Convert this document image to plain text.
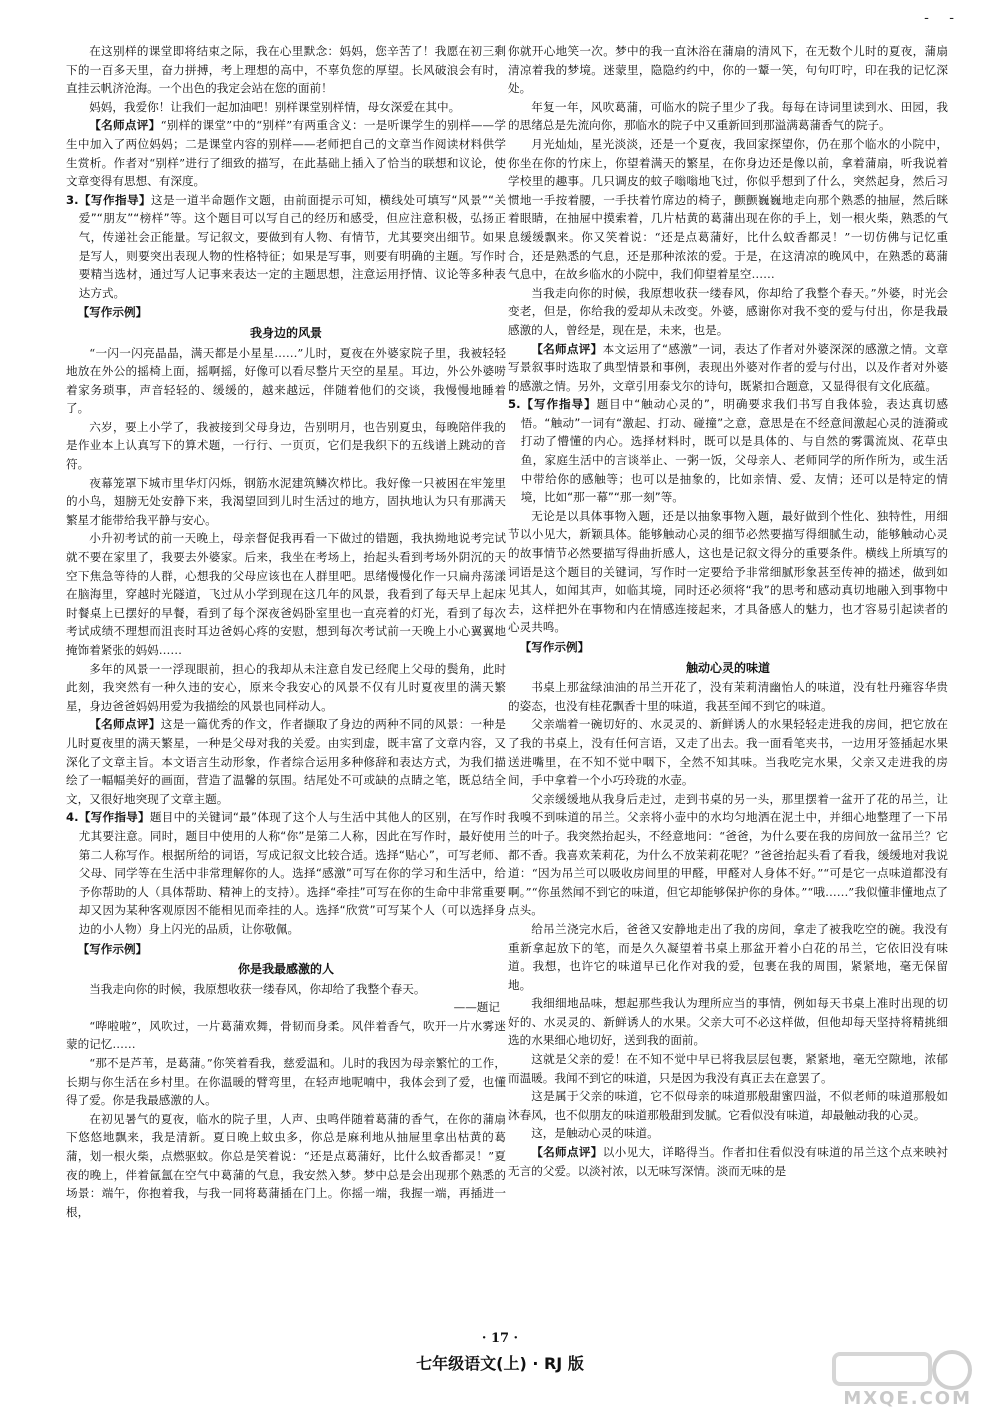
- -

在这别样的课堂即将结束之际，我在心里默念：妈妈，您辛苦了！我愿在初三剩下的一百多天里，奋力拼搏，考上理想的高中，不辜负您的厚望。长风破浪会有时，直挂云帆济沧海。一个出色的我定会站在您的面前！

妈妈，我爱你！让我们一起加油吧！别样课堂别样情，母女深爱在其中。

【名师点评】“别样的课堂”中的“别样”有两重含义：一是听课学生的别样——学生中加入了两位妈妈；二是课堂内容的别样——老师把自己的文章当作阅读材料供学生赏析。作者对“别样”进行了细致的描写，在此基础上插入了恰当的联想和议论，使文章变得有思想、有深度。

3.【写作指导】这是一道半命题作文题，由前面提示可知，横线处可填写“风景”“关爱”“朋友”“榜样”等。这个题目可以写自己的经历和感受，但应注意积极，弘扬正气，传递社会正能量。写记叙文，要做到有人物、有情节，尤其要突出细节。如果是写人，则要突出表现人物的性格特征；如果是写事，则要有明确的主题。写作时要精当选材，通过写人记事来表达一定的主题思想，注意运用抒情、议论等多种表达方式。

【写作示例】

我身边的风景

“一闪一闪亮晶晶，满天都是小星星……”儿时，夏夜在外婆家院子里，我被轻轻地放在外公的摇椅上面，摇啊摇，好像可以看尽整片天空的星星。耳边，外公外婆唠着家务琐事，声音轻轻的、缓缓的，越来越远，伴随着他们的交谈，我慢慢地睡着了。

六岁，要上小学了，我被接到父母身边，告别明月，也告别夏虫，每晚陪伴我的是作业本上认真写下的算术题，一行行、一页页，它们是我织下的五线谱上跳动的音符。

夜幕笼罩下城市里华灯闪烁，钢筋水泥建筑鳞次栉比。我好像一只被困在牢笼里的小鸟，翅膀无处安静下来，我渴望回到儿时生活过的地方，固执地认为只有那满天繁星才能带给我平静与安心。

小升初考试的前一天晚上，母亲督促我再看一下做过的错题，我执拗地说考完试就不要在家里了，我要去外婆家。后来，我坐在考场上，抬起头看到考场外阴沉的天空下焦急等待的人群，心想我的父母应该也在人群里吧。思绪慢慢化作一只扁舟荡漾在脑海里，穿越时光隧道，飞过从小学到现在这几年的风景，我看到了每天早上起床时餐桌上已摆好的早餐，看到了每个深夜爸妈卧室里也一直亮着的灯光，看到了每次考试成绩不理想而沮丧时耳边爸妈心疼的安慰，想到每次考试前一天晚上小心翼翼地掩饰着紧张的妈妈……

多年的风景一一浮现眼前，担心的我却从未注意自发已经爬上父母的鬓角，此时此刻，我突然有一种久违的安心，原来令我安心的风景不仅有儿时夏夜里的满天繁星，身边爸爸妈妈用爱为我描绘的风景也同样动人。

【名师点评】这是一篇优秀的作文，作者撷取了身边的两种不同的风景：一种是儿时夏夜里的满天繁星，一种是父母对我的关爱。由实到虚，既丰富了文章内容，又深化了文章主旨。本文语言生动形象，作者综合运用多种修辞和表达方式，为我们描绘了一幅幅美好的画面，营造了温馨的氛围。结尾处不可或缺的点睛之笔，既总结全文，又很好地突现了文章主题。

4.【写作指导】题目中的关键词“最”体现了这个人与生活中其他人的区别，在写作时尤其要注意。同时，题目中使用的人称“你”是第二人称，因此在写作时，最好使用第二人称写作。根据所给的词语，写成记叙文比较合适。选择“贴心”，可写老师、父母、同学等在生活中非常理解你的人。选择“感激”可写在你的学习和生活中，给予你帮助的人（具体帮助、精神上的支持）。选择“牵挂”可写在你的生命中非常重要却又因为某种客观原因不能相见而牵挂的人。选择“欣赏”可写某个人（可以选择身边的小人物）身上闪光的品质，让你敬佩。

【写作示例】

你是我最感激的人

当我走向你的时候，我原想收获一缕春风，你却给了我整个春天。

——题记

“哗啦啦”，风吹过，一片葛蒲欢舞，骨韧而身柔。风伴着香气，吹开一片水雾迷蒙的记忆……

“那不是芦苇，是葛蒲。”你笑着看我，慈爱温和。儿时的我因为母亲繁忙的工作，长期与你生活在乡村里。在你温暖的臂弯里，在轻声地呢喃中，我体会到了爱，也懂得了爱。你是我最感激的人。

在初见暑气的夏夜，临水的院子里，人声、虫鸣伴随着葛蒲的香气，在你的蒲扇下悠悠地飘来，我是清新。夏日晚上蚊虫多，你总是麻利地从抽屉里拿出枯黄的葛蒲，划一根火柴，点燃驱蚊。你总是笑着说：“还是点葛蒲好，比什么蚊香都灵！”夏夜的晚上，伴着氤氲在空气中葛蒲的气息，我安然入梦。梦中总是会出现那个熟悉的场景：端午，你抱着我，与我一同将葛蒲插在门上。你摇一端，我握一端，再插进一根，

你就开心地笑一次。梦中的我一直沐浴在蒲扇的清风下，在无数个儿时的夏夜，蒲扇清凉着我的梦境。迷蒙里，隐隐约约中，你的一颦一笑，句句叮咛，印在我的记忆深处。

年复一年，风吹葛蒲，可临水的院子里少了我。每每在诗词里读到水、田园，我的思绪总是先流向你，那临水的院子中又重新回到那溢满葛蒲香气的院子。

月光灿灿，星光淡淡，还是一个夏夜，我回家探望你，仍在那个临水的小院中，你坐在你的竹床上，你望着满天的繁星，在你身边还是像以前，拿着蒲扇，听我说着学校里的趣事。几只调皮的蚊子嗡嗡地飞过，你似乎想到了什么，突然起身，然后习惯地一手按着腰，一手扶着竹席边的椅子，颤颤巍巍地走向那个熟悉的抽屉，然后眯着眼睛，在抽屉中摸索着，几片枯黄的葛蒲出现在你的手上，划一根火柴，熟悉的气息缓缓飘来。你又笑着说：“还是点葛蒲好，比什么蚊香都灵！”一切仿佛与记忆重合，还是熟悉的气息，还是那种浓浓的爱。于是，在这清凉的晚风中，在熟悉的葛蒲气息中，在故乡临水的小院中，我们仰望着星空……

当我走向你的时候，我原想收获一缕春风，你却给了我整个春天。”外婆，时光会变老，但是，你给我的爱却从未改变。外婆，感谢你对我不变的爱与付出，你是我最感激的人，曾经是，现在是，未来，也是。

【名师点评】本文运用了“感激”一词，表达了作者对外婆深深的感激之情。文章写景叙事时选取了典型情景和事例，表现出外婆对作者的爱与付出，以及作者对外婆的感激之情。另外，文章引用泰戈尔的诗句，既紧扣合题意，又显得很有文化底蕴。

5.【写作指导】题目中“触动心灵的”，明确要求我们书写自我体验，表达真切感悟。“触动”一词有“激起、打动、碰撞”之意，意思是在不经意间激起心灵的涟漪或打动了懵懂的内心。选择材料时，既可以是具体的、与自然的雾霭流岚、花草虫鱼，家庭生活中的言谈举止、一粥一饭，父母亲人、老师同学的所作所为，或生活中带给你的感触等；也可以是抽象的，比如亲情、爱、友情；还可以是特定的情境，比如“那一幕”“那一刻”等。

无论是以具体事物入题，还是以抽象事物入题，最好做到个性化、独特性，用细节以小见大，新颖具体。能够触动心灵的细节必然要描写得细腻生动，能够触动心灵的故事情节必然要描写得曲折感人，这也是记叙文得分的重要条件。横线上所填写的词语是这个题目的关键词，写作时一定要给予非常细腻形象甚至传神的描述，做到如见其人，如闻其声，如临其境，同时还必须将“我”的思考和感动真切地融入到事物中去，这样把外在事物和内在情感连接起来，才具备感人的魅力，也才容易引起读者的心灵共鸣。

【写作示例】

触动心灵的味道

书桌上那盆绿油油的吊兰开花了，没有茉莉清幽怡人的味道，没有牡丹雍容华贵的姿态，也没有桂花飘香十里的味道，我甚至闻不到它的味道。

父亲端着一碗切好的、水灵灵的、新鲜诱人的水果轻轻走进我的房间，把它放在了我的书桌上，没有任何言语，又走了出去。我一面看笔夹书，一边用牙签插起水果送进嘴里，在不知不觉中咽下，全然不知其味。当我吃完水果，父亲又走进我的房间，手中拿着一个小巧玲珑的水壶。

父亲缓缓地从我身后走过，走到书桌的另一头，那里摆着一盆开了花的吊兰，让我嗅不到味道的吊兰。父亲将小壶中的水均匀地洒在泥土中，并细心地整理了一下吊兰的叶子。我突然抬起头，不经意地问：“爸爸，为什么要在我的房间放一盆吊兰？它都不香。我喜欢茉莉花，为什么不放茉莉花呢？”爸爸抬起头看了看我，缓缓地对我说道：“因为吊兰可以吸收房间里的甲醛，甲醛对人身体不好。”“可是它一点味道都没有啊。”“你虽然闻不到它的味道，但它却能够保护你的身体。”“哦……”我似懂非懂地点了点头。

给吊兰浇完水后，爸爸又安静地走出了我的房间，拿走了被我吃空的碗。我没有重新拿起放下的笔，而是久久凝望着书桌上那盆开着小白花的吊兰，它依旧没有味道。我想，也许它的味道早已化作对我的爱，包裹在我的周围，紧紧地，毫无保留地。

我细细地品味，想起那些我认为理所应当的事情，例如每天书桌上准时出现的切好的、水灵灵的、新鲜诱人的水果。父亲大可不必这样做，但他却每天坚持将精挑细选的水果细心地切好，送到我的面前。

这就是父亲的爱！在不知不觉中早已将我层层包裹，紧紧地，毫无空隙地，浓郁而温暖。我闻不到它的味道，只是因为我没有真正去在意罢了。

这是属于父亲的味道，它不似母亲的味道那般甜蜜四溢，不似老师的味道那般如沐春风，也不似朋友的味道那般甜到发腻。它看似没有味道，却最触动我的心灵。

这，是触动心灵的味道。

【名师点评】以小见大，详略得当。作者扣住看似没有味道的吊兰这个点来映衬无言的父爱。以淡衬浓，以无味写深情。淡而无味的是

· 17 ·
七年级语文(上) · RJ 版
MXQE.COM
